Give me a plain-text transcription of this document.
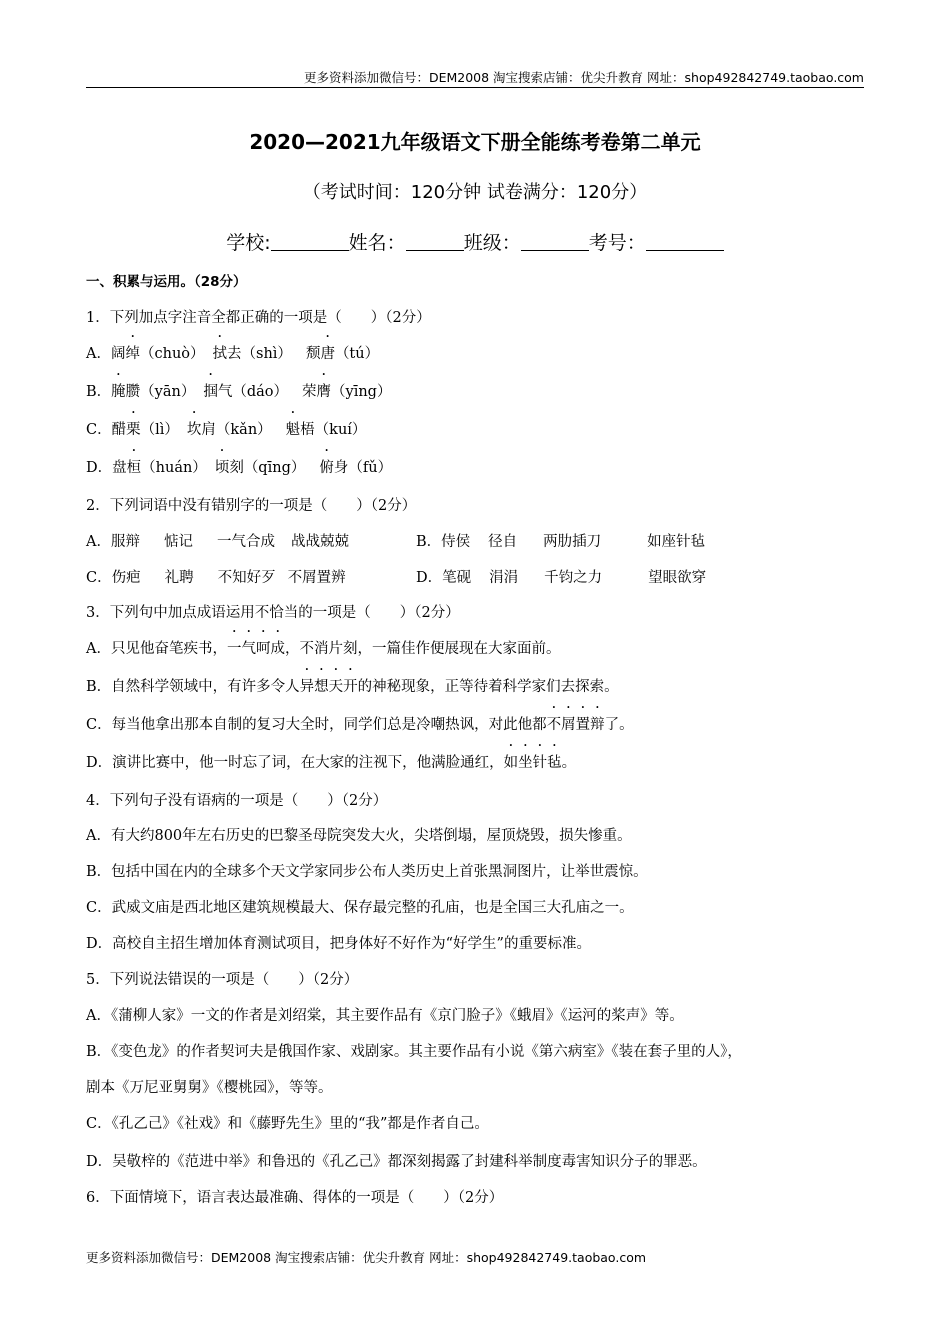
更多资料添加微信号：DEM2008 淘宝搜索店铺：优尖升教育 网址：shop492842749.taobao.com
2020—2021九年级语文下册全能练考卷第二单元
（考试时间：120分钟 试卷满分：120分）
学校:	姓名：	班级：	考号：
一、积累与运用。（28分）
1．下列加点字注音全都正确的一项是（　　）（2分）
A．阔绰（chuò） 拭去（shì） 颓唐（tú）
B．腌臜（yān） 掴气（dáo） 荣膺（yīng）
C．醋栗（lì） 坎肩（kǎn） 魁梧（kuí）
D．盘桓（huán） 顷刻（qīng） 俯身（fǔ）
2．下列词语中没有错别字的一项是（　　）（2分）
A．服辩 惦记 一气合成 战战兢兢	B．侍侯 径自 两肋插刀	如座针毡
C．伤疤 礼聘 不知好歹 不屑置辨	D．笔砚 涓涓 千钧之力	望眼欲穿
3．下列句中加点成语运用不恰当的一项是（　　）（2分）
A．只见他奋笔疾书，一气呵成，不消片刻，一篇佳作便展现在大家面前。
B．自然科学领域中，有许多令人异想天开的神秘现象，正等待着科学家们去探索。
C．每当他拿出那本自制的复习大全时，同学们总是冷嘲热讽，对此他都不屑置辩了。
D．演讲比赛中，他一时忘了词，在大家的注视下，他满脸通红，如坐针毡。
4．下列句子没有语病的一项是（　　）（2分）
A．有大约800年左右历史的巴黎圣母院突发大火，尖塔倒塌，屋顶烧毁，损失惨重。
B．包括中国在内的全球多个天文学家同步公布人类历史上首张黑洞图片，让举世震惊。
C．武威文庙是西北地区建筑规模最大、保存最完整的孔庙，也是全国三大孔庙之一。
D．高校自主招生增加体育测试项目，把身体好不好作为“好学生”的重要标准。
5．下列说法错误的一项是（　　）（2分）
A．《蒲柳人家》一文的作者是刘绍棠，其主要作品有《京门脸子》《蛾眉》《运河的桨声》等。
B．《变色龙》的作者契诃夫是俄国作家、戏剧家。其主要作品有小说《第六病室》《装在套子里的人》，
剧本《万尼亚舅舅》《樱桃园》，等等。
C．《孔乙己》《社戏》和《藤野先生》里的“我”都是作者自己。
D．吴敬梓的《范进中举》和鲁迅的《孔乙己》都深刻揭露了封建科举制度毒害知识分子的罪恶。
6．下面情境下，语言表达最准确、得体的一项是（　　）（2分）
更多资料添加微信号：DEM2008 淘宝搜索店铺：优尖升教育 网址：shop492842749.taobao.com
